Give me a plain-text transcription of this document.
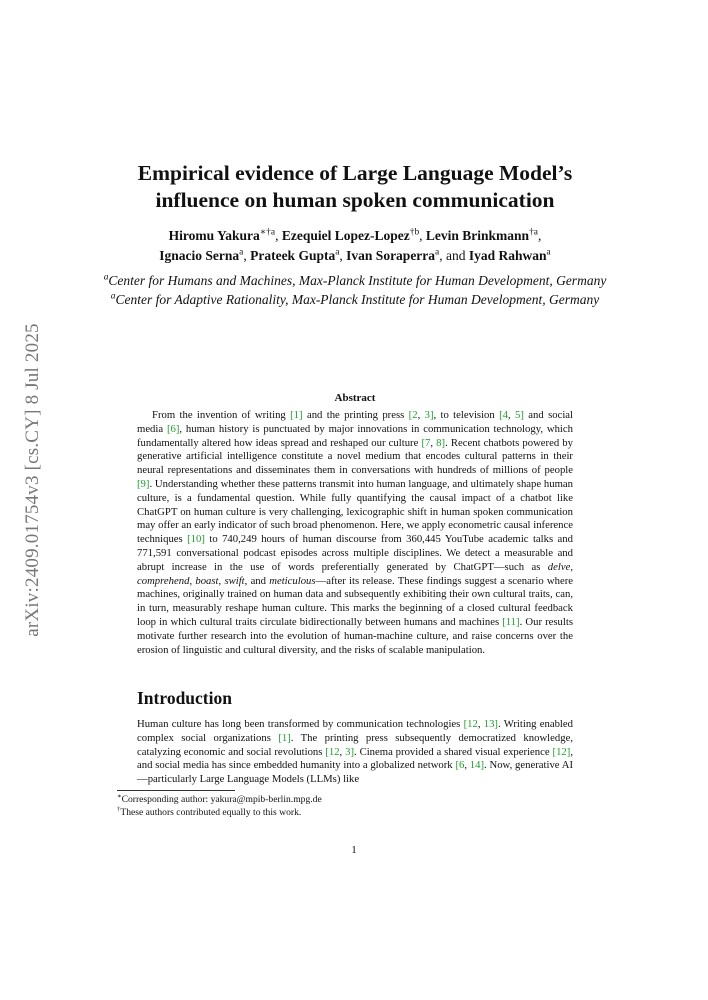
arXiv:2409.01754v3 [cs.CY] 8 Jul 2025
Empirical evidence of Large Language Model’s
influence on human spoken communication
Hiromu Yakura$^{∗\dagger a}$, Ezequiel Lopez-Lopez$^{\dagger b}$, Levin Brinkmann$^{\dagger a}$,
Ignacio Serna$^a$, Prateek Gupta$^a$, Ivan Soraperra$^a$, and Iyad Rahwan$^a$

$^a$Center for Humans and Machines, Max-Planck Institute for Human Development, Germany

$^a$Center for Adaptive Rationality, Max-Planck Institute for Human Development, Germany

Abstract

From the invention of writing [1] and the printing press [2, 3], to television [4, 5] and social media [6], human history is punctuated by major innovations in communication technology, which fundamentally altered how ideas spread and reshaped our culture [7, 8]. Recent chatbots powered by generative artificial intelligence constitute a novel medium that encodes cultural patterns in their neural representations and disseminates them in conversations with hundreds of millions of people [9]. Understanding whether these patterns transmit into human language, and ultimately shape human culture, is a fundamental question. While fully quantifying the causal impact of a chatbot like ChatGPT on human culture is very challenging, lexicographic shift in human spoken communication may offer an early indicator of such broad phenomenon. Here, we apply econometric causal inference techniques [10] to 740,249 hours of human discourse from 360,445 YouTube academic talks and 771,591 conversational podcast episodes across multiple disciplines. We detect a measurable and abrupt increase in the use of words preferentially generated by ChatGPT—such as delve, comprehend, boast, swift, and meticulous—after its release. These findings suggest a scenario where machines, originally trained on human data and subsequently exhibiting their own cultural traits, can, in turn, measurably reshape human culture. This marks the beginning of a closed cultural feedback loop in which cultural traits circulate bidirectionally between humans and machines [11]. Our results motivate further research into the evolution of human-machine culture, and raise concerns over the erosion of linguistic and cultural diversity, and the risks of scalable manipulation.

Introduction

Human culture has long been transformed by communication technologies [12, 13]. Writing enabled complex social organizations [1]. The printing press subsequently democratized knowledge, catalyzing economic and social revolutions [12, 3]. Cinema provided a shared visual experience [12], and social media has since embedded humanity into a globalized network [6, 14]. Now, generative AI—particularly Large Language Models (LLMs) like

∗Corresponding author: yakura@mpib-berlin.mpg.de

†These authors contributed equally to this work.

1
